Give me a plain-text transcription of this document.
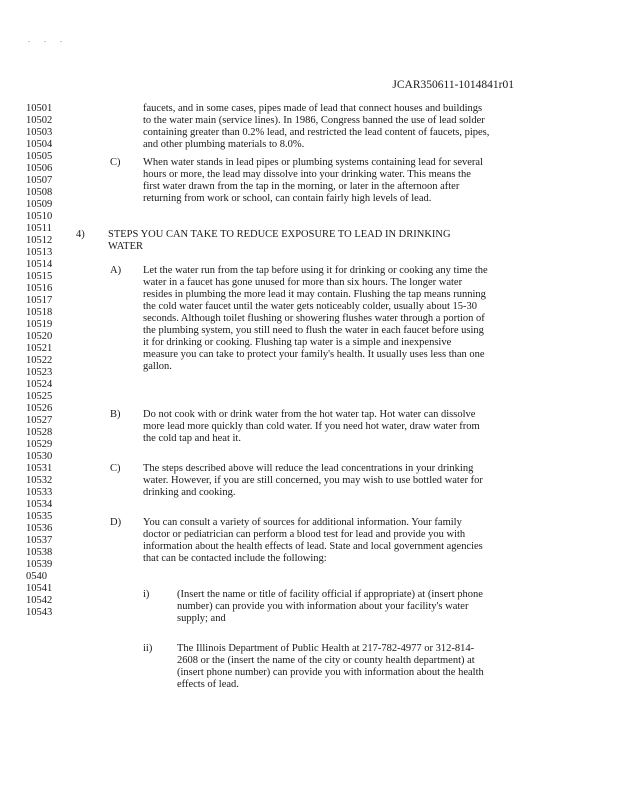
. . .
JCAR350611-1014841r01
10501
10502
10503
10504
10505
10506
10507
10508
10509
10510
10511
10512
10513
10514
10515
10516
10517
10518
10519
10520
10521
10522
10523
10524
10525
10526
10527
10528
10529
10530
10531
10532
10533
10534
10535
10536
10537
10538
10539
0540
10541
10542
10543
faucets, and in some cases, pipes made of lead that connect houses and buildings
to the water main (service lines). In 1986, Congress banned the use of lead solder
containing greater than 0.2% lead, and restricted the lead content of faucets, pipes,
and other plumbing materials to 8.0%.
C) When water stands in lead pipes or plumbing systems containing lead for several
hours or more, the lead may dissolve into your drinking water. This means the
first water drawn from the tap in the morning, or later in the afternoon after
returning from work or school, can contain fairly high levels of lead.
4) STEPS YOU CAN TAKE TO REDUCE EXPOSURE TO LEAD IN DRINKING
WATER
A) Let the water run from the tap before using it for drinking or cooking any time the
water in a faucet has gone unused for more than six hours. The longer water
resides in plumbing the more lead it may contain. Flushing the tap means running
the cold water faucet until the water gets noticeably colder, usually about 15-30
seconds. Although toilet flushing or showering flushes water through a portion of
the plumbing system, you still need to flush the water in each faucet before using
it for drinking or cooking. Flushing tap water is a simple and inexpensive
measure you can take to protect your family's health. It usually uses less than one
gallon.
B) Do not cook with or drink water from the hot water tap. Hot water can dissolve
more lead more quickly than cold water. If you need hot water, draw water from
the cold tap and heat it.
C) The steps described above will reduce the lead concentrations in your drinking
water. However, if you are still concerned, you may wish to use bottled water for
drinking and cooking.
D) You can consult a variety of sources for additional information. Your family
doctor or pediatrician can perform a blood test for lead and provide you with
information about the health effects of lead. State and local government agencies
that can be contacted include the following:
i)	(Insert the name or title of facility official if appropriate) at (insert phone
number) can provide you with information about your facility's water
supply; and
ii) The Illinois Department of Public Health at 217-782-4977 or 312-814-
2608 or the (insert the name of the city or county health department) at
(insert phone number) can provide you with information about the health
effects of lead.
